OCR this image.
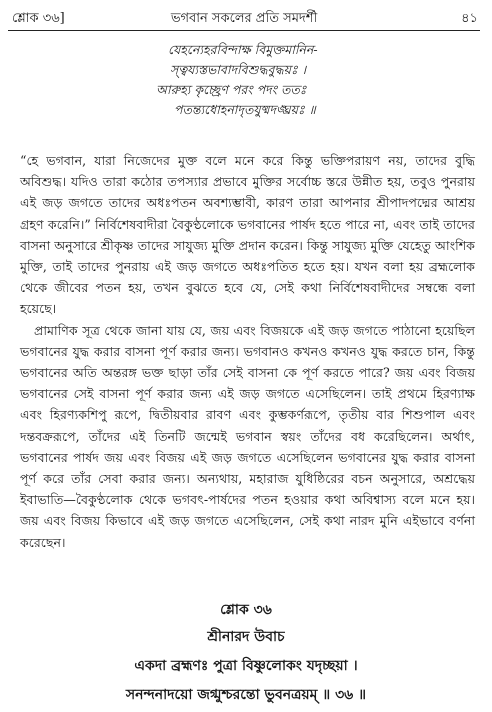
শ্লোক ৩৬]	ভগবান সকলের প্রতি সমদর্শী	৪১
যেহন্যেহরবিন্দাক্ষ বিমুক্তমানিন-
স্ত্বয্যস্তভাবাদবিশুদ্ধবুদ্ধয়ঃ ।
আরুহ্য কৃচ্ছ্রেণ পরং পদং ততঃ
পতন্ত্যধোহনাদৃতযুষ্মদঙ্ঘ্রয়ঃ ॥

“হে ভগবান, যারা নিজেদের মুক্ত বলে মনে করে কিন্তু ভক্তিপরায়ণ নয়, তাদের বুদ্ধি অবিশুদ্ধ। যদিও তারা কঠোর তপস্যার প্রভাবে মুক্তির সর্বোচ্চ স্তরে উন্নীত হয়, তবুও পুনরায় এই জড় জগতে তাদের অধঃপতন অবশ্যম্ভাবী, কারণ তারা আপনার শ্রীপাদপদ্মের আশ্রয় গ্রহণ করেনি।” নির্বিশেষবাদীরা বৈকুণ্ঠলোকে ভগবানের পার্ষদ হতে পারে না, এবং তাই তাদের বাসনা অনুসারে শ্রীকৃষ্ণ তাদের সাযুজ্য মুক্তি প্রদান করেন। কিন্তু সাযুজ্য মুক্তি যেহেতু আংশিক মুক্তি, তাই তাদের পুনরায় এই জড় জগতে অধঃপতিত হতে হয়। যখন বলা হয় ব্রহ্মলোক থেকে জীবের পতন হয়, তখন বুঝতে হবে যে, সেই কথা নির্বিশেষবাদীদের সম্বন্ধে বলা হয়েছে।

প্রামাণিক সূত্র থেকে জানা যায় যে, জয় এবং বিজয়কে এই জড় জগতে পাঠানো হয়েছিল ভগবানের যুদ্ধ করার বাসনা পূর্ণ করার জন্য। ভগবানও কখনও কখনও যুদ্ধ করতে চান, কিন্তু ভগবানের অতি অন্তরঙ্গ ভক্ত ছাড়া তাঁর সেই বাসনা কে পূর্ণ করতে পারে? জয় এবং বিজয় ভগবানের সেই বাসনা পূর্ণ করার জন্য এই জড় জগতে এসেছিলেন। তাই প্রথমে হিরণ্যাক্ষ এবং হিরণ্যকশিপু রূপে, দ্বিতীয়বার রাবণ এবং কুম্ভকর্ণরূপে, তৃতীয় বার শিশুপাল এবং দন্তবক্ররূপে, তাঁদের এই তিনটি জন্মেই ভগবান স্বয়ং তাঁদের বধ করেছিলেন। অর্থাৎ, ভগবানের পার্ষদ জয় এবং বিজয় এই জড় জগতে এসেছিলেন ভগবানের যুদ্ধ করার বাসনা পূর্ণ করে তাঁর সেবা করার জন্য। অন্যথায়, মহারাজ যুধিষ্ঠিরের বচন অনুসারে, অশ্রদ্ধেয় ইবাভাতি—বৈকুণ্ঠলোক থেকে ভগবৎ-পার্ষদের পতন হওয়ার কথা অবিশ্বাস্য বলে মনে হয়। জয় এবং বিজয় কিভাবে এই জড় জগতে এসেছিলেন, সেই কথা নারদ মুনি এইভাবে বর্ণনা করেছেন।

শ্লোক ৩৬
শ্রীনারদ উবাচ
একদা ব্রহ্মণঃ পুত্রা বিষ্ণুলোকং যদৃচ্ছয়া ।
সনন্দনাদয়ো জগ্মুশ্চরন্তো ভুবনত্রয়ম্ ॥ ৩৬ ॥
